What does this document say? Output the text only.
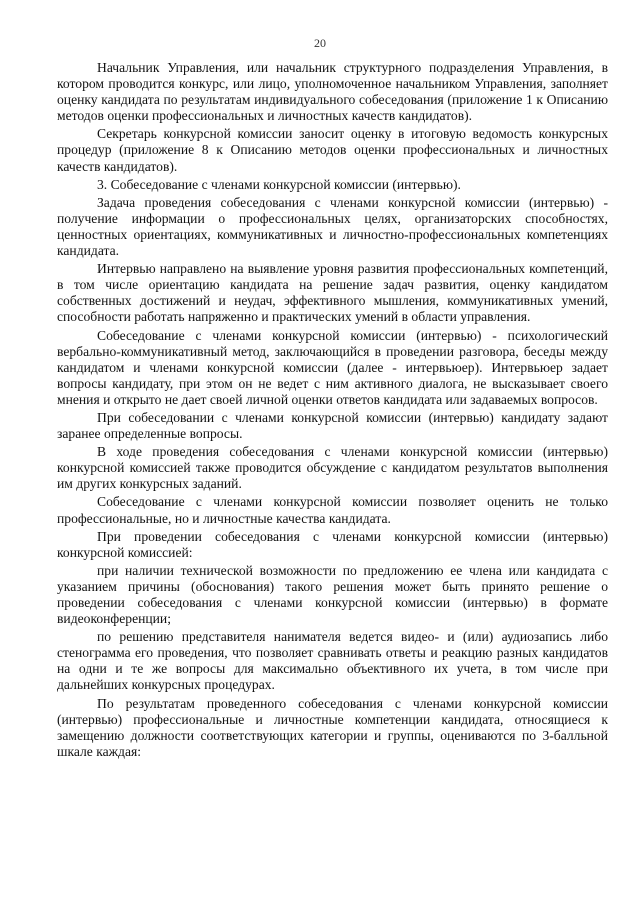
20

Начальник Управления, или начальник структурного подразделения Управления, в котором проводится конкурс, или лицо, уполномоченное начальником Управления, заполняет оценку кандидата по результатам индивидуального собеседования (приложение 1 к Описанию методов оценки профессиональных и личностных качеств кандидатов).

Секретарь конкурсной комиссии заносит оценку в итоговую ведомость конкурсных процедур (приложение 8 к Описанию методов оценки профессиональных и личностных качеств кандидатов).

3. Собеседование с членами конкурсной комиссии (интервью).

Задача проведения собеседования с членами конкурсной комиссии (интервью) - получение информации о профессиональных целях, организаторских способностях, ценностных ориентациях, коммуникативных и личностно-профессиональных компетенциях кандидата.

Интервью направлено на выявление уровня развития профессиональных компетенций, в том числе ориентацию кандидата на решение задач развития, оценку кандидатом собственных достижений и неудач, эффективного мышления, коммуникативных умений, способности работать напряженно и практических умений в области управления.

Собеседование с членами конкурсной комиссии (интервью) - психологический вербально-коммуникативный метод, заключающийся в проведении разговора, беседы между кандидатом и членами конкурсной комиссии (далее - интервьюер). Интервьюер задает вопросы кандидату, при этом он не ведет с ним активного диалога, не высказывает своего мнения и открыто не дает своей личной оценки ответов кандидата или задаваемых вопросов.

При собеседовании с членами конкурсной комиссии (интервью) кандидату задают заранее определенные вопросы.

В ходе проведения собеседования с членами конкурсной комиссии (интервью) конкурсной комиссией также проводится обсуждение с кандидатом результатов выполнения им других конкурсных заданий.

Собеседование с членами конкурсной комиссии позволяет оценить не только профессиональные, но и личностные качества кандидата.

При проведении собеседования с членами конкурсной комиссии (интервью) конкурсной комиссией:

при наличии технической возможности по предложению ее члена или кандидата с указанием причины (обоснования) такого решения может быть принято решение о проведении собеседования с членами конкурсной комиссии (интервью) в формате видеоконференции;

по решению представителя нанимателя ведется видео- и (или) аудиозапись либо стенограмма его проведения, что позволяет сравнивать ответы и реакцию разных кандидатов на одни и те же вопросы для максимально объективного их учета, в том числе при дальнейших конкурсных процедурах.

По результатам проведенного собеседования с членами конкурсной комиссии (интервью) профессиональные и личностные компетенции кандидата, относящиеся к замещению должности соответствующих категории и группы, оцениваются по 3-балльной шкале каждая:
